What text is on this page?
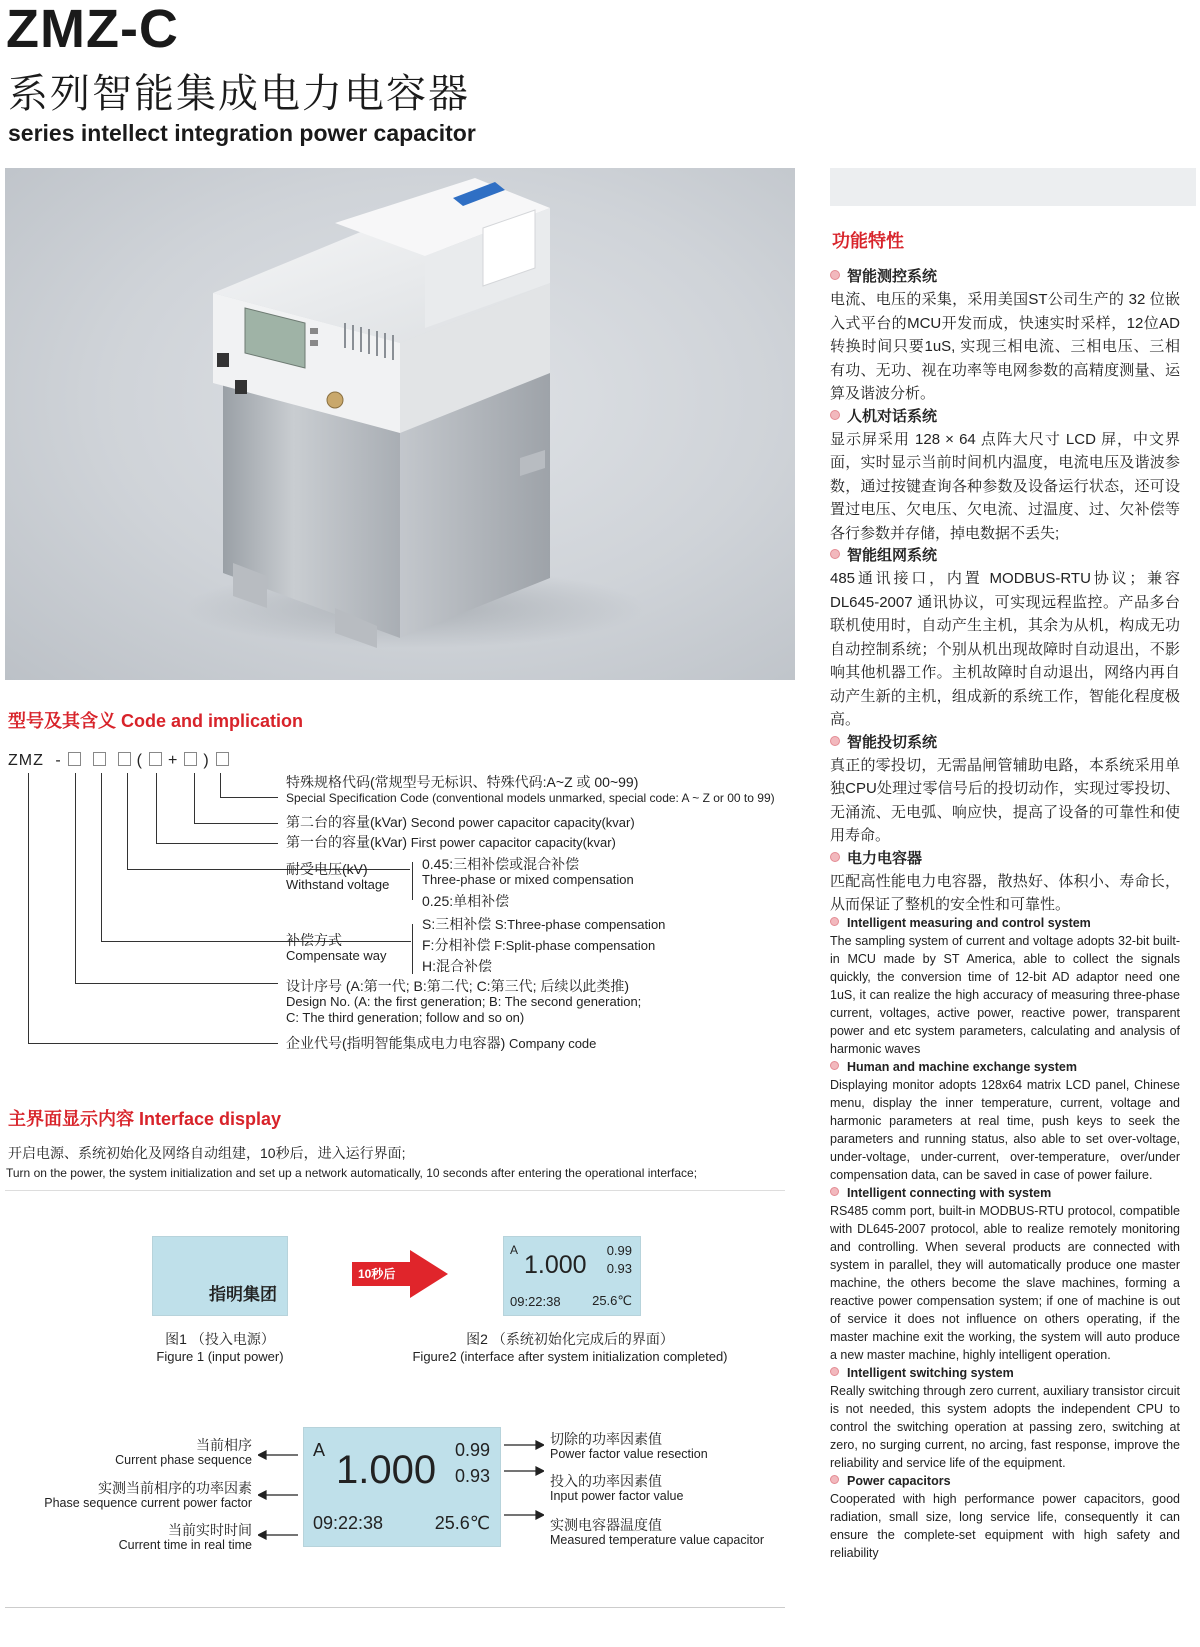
ZMZ-C
系列智能集成电力电容器
series intellect integration power capacitor
型号及其含义 Code and implication
ZMZ -	( + )
特殊规格代码(常规型号无标识、特殊代码:A~Z 或 00~99)
Special Specification Code (conventional models unmarked, special code: A ~ Z or 00 to 99)
第二台的容量(kVar) Second power capacitor capacity(kvar)
第一台的容量(kVar) First power capacitor capacity(kvar)
耐受电压(kV)
Withstand voltage
0.45:三相补偿或混合补偿
Three-phase or mixed compensation
0.25:单相补偿
补偿方式
Compensate way
S:三相补偿 S:Three-phase compensation
F:分相补偿 F:Split-phase compensation
H:混合补偿
设计序号 (A:第一代; B:第二代; C:第三代; 后续以此类推)
Design No. (A: the first generation; B: The second generation;
C: The third generation; follow and so on)
企业代号(指明智能集成电力电容器) Company code
主界面显示内容 Interface display
开启电源、系统初始化及网络自动组建，10秒后，进入运行界面;
Turn on the power, the system initialization and set up a network automatically, 10 seconds after entering the operational interface;
指明集团
图1 （投入电源）
Figure 1 (input power)
10秒后
A
1.000
0.99
0.93
09:22:38 25.6℃
图2 （系统初始化完成后的界面）
Figure2 (interface after system initialization completed)
A 1.000 0.99
0.93
09:22:38	25.6℃
当前相序
Current phase sequence
实测当前相序的功率因素
Phase sequence current power factor
当前实时时间
Current time in real time
切除的功率因素值
Power factor value resection
投入的功率因素值
Input power factor value
实测电容器温度值
Measured temperature value capacitor
功能特性
智能测控系统
电流、电压的采集，采用美国ST公司生产的 32 位嵌入式平台的MCU开发而成，快速实时采样，12位AD转换时间只要1uS, 实现三相电流、三相电压、三相有功、无功、视在功率等电网参数的高精度测量、运算及谐波分析。
人机对话系统
显示屏采用 128 × 64 点阵大尺寸 LCD 屏，中文界面，实时显示当前时间机内温度，电流电压及谐波参数，通过按键查询各种参数及设备运行状态，还可设置过电压、欠电压、欠电流、过温度、过、欠补偿等各行参数并存储，掉电数据不丢失;
智能组网系统
485通讯接口，内置 MODBUS-RTU协议；兼容DL645-2007 通讯协议，可实现远程监控。产品多台联机使用时，自动产生主机，其余为从机，构成无功自动控制系统；个别从机出现故障时自动退出，不影响其他机器工作。主机故障时自动退出，网络内再自动产生新的主机，组成新的系统工作，智能化程度极高。
智能投切系统
真正的零投切，无需晶闸管辅助电路，本系统采用单独CPU处理过零信号后的投切动作，实现过零投切、无涌流、无电弧、响应快，提高了设备的可靠性和使用寿命。
电力电容器
匹配高性能电力电容器，散热好、体积小、寿命长，从而保证了整机的安全性和可靠性。
Intelligent measuring and control system
The sampling system of current and voltage adopts 32-bit built-in MCU made by ST America, able to collect the signals quickly, the conversion time of 12-bit AD adaptor need one 1uS, it can realize the high accuracy of measuring three-phase current, voltages, active power, reactive power, transparent power and etc system parameters, calculating and analysis of harmonic waves
Human and machine exchange system
Displaying monitor adopts 128x64 matrix LCD panel, Chinese menu, display the inner temperature, current, voltage and harmonic parameters at real time, push keys to seek the parameters and running status, also able to set over-voltage, under-voltage, under-current, over-temperature, over/under compensation data, can be saved in case of power failure.
Intelligent connecting with system
RS485 comm port, built-in MODBUS-RTU protocol, compatible with DL645-2007 protocol, able to realize remotely monitoring and controlling. When several products are connected with system in parallel, they will automatically produce one master machine, the others become the slave machines, forming a reactive power compensation system; if one of machine is out of service it does not influence on others operating, if the master machine exit the working, the system will auto produce a new master machine, highly intelligent operation.
Intelligent switching system
Really switching through zero current, auxiliary transistor circuit is not needed, this system adopts the independent CPU to control the switching operation at passing zero, switching at zero, no surging current, no arcing, fast response, improve the reliability and service life of the equipment.
Power capacitors
Cooperated with high performance power capacitors, good radiation, small size, long service life, consequently it can ensure the complete-set equipment with high safety and reliability
